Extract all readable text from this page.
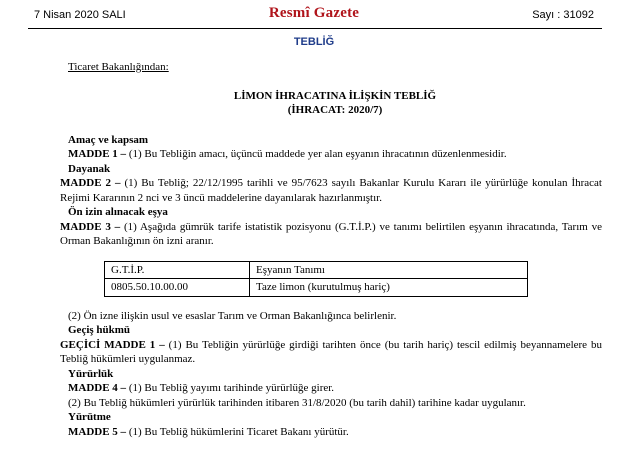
7 Nisan 2020 SALI	Resmî Gazete	Sayı : 31092
TEBLİĞ

Ticaret Bakanlığından:

LİMON İHRACATINA İLİŞKİN TEBLİĞ

(İHRACAT: 2020/7)

Amaç ve kapsam

MADDE 1 – (1) Bu Tebliğin amacı, üçüncü maddede yer alan eşyanın ihracatının düzenlenmesidir.

Dayanak

MADDE 2 – (1) Bu Tebliğ; 22/12/1995 tarihli ve 95/7623 sayılı Bakanlar Kurulu Kararı ile yürürlüğe konulan İhracat Rejimi Kararının 2 nci ve 3 üncü maddelerine dayanılarak hazırlanmıştır.

Ön izin alınacak eşya

MADDE 3 – (1) Aşağıda gümrük tarife istatistik pozisyonu (G.T.İ.P.) ve tanımı belirtilen eşyanın ihracatında, Tarım ve Orman Bakanlığının ön izni aranır.

G.T.İ.P.	Eşyanın Tanımı
0805.50.10.00.00	Taze limon (kurutulmuş hariç)

(2) Ön izne ilişkin usul ve esaslar Tarım ve Orman Bakanlığınca belirlenir.

Geçiş hükmü

GEÇİCİ MADDE 1 – (1) Bu Tebliğin yürürlüğe girdiği tarihten önce (bu tarih hariç) tescil edilmiş beyannamelere bu Tebliğ hükümleri uygulanmaz.

Yürürlük

MADDE 4 – (1) Bu Tebliğ yayımı tarihinde yürürlüğe girer.

(2) Bu Tebliğ hükümleri yürürlük tarihinden itibaren 31/8/2020 (bu tarih dahil) tarihine kadar uygulanır.

Yürütme

MADDE 5 – (1) Bu Tebliğ hükümlerini Ticaret Bakanı yürütür.
